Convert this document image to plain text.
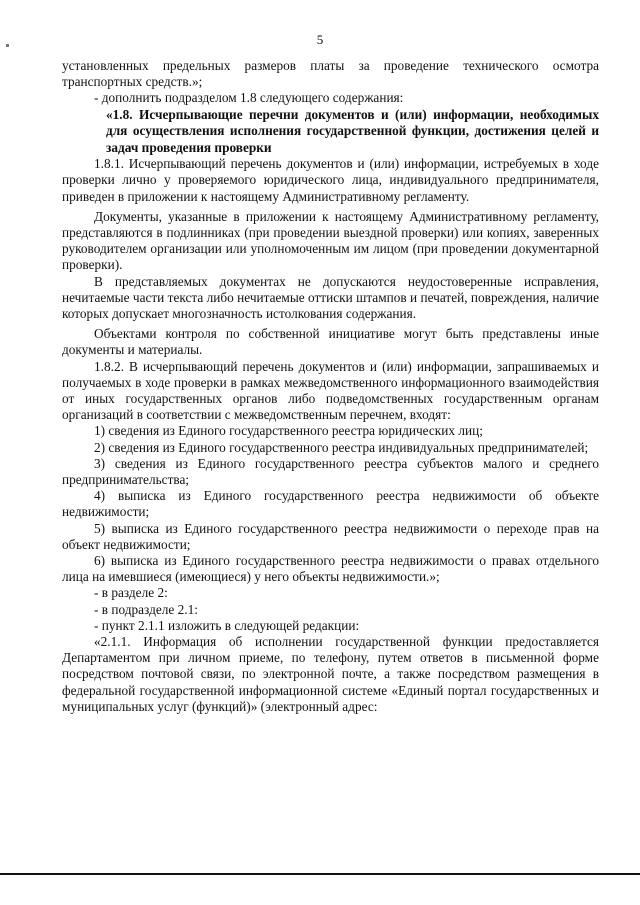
5

установленных предельных размеров платы за проведение технического осмотра транспортных средств.»;

- дополнить подразделом 1.8 следующего содержания:

«1.8. Исчерпывающие перечни документов и (или) информации, необходимых для осуществления исполнения государственной функции, достижения целей и задач проведения проверки

1.8.1. Исчерпывающий перечень документов и (или) информации, истребуемых в ходе проверки лично у проверяемого юридического лица, индивидуального предпринимателя, приведен в приложении к настоящему Административному регламенту.

Документы, указанные в приложении к настоящему Административному регламенту, представляются в подлинниках (при проведении выездной проверки) или копиях, заверенных руководителем организации или уполномоченным им лицом (при проведении документарной проверки).

В представляемых документах не допускаются неудостоверенные исправления, нечитаемые части текста либо нечитаемые оттиски штампов и печатей, повреждения, наличие которых допускает многозначность истолкования содержания.

Объектами контроля по собственной инициативе могут быть представлены иные документы и материалы.

1.8.2. В исчерпывающий перечень документов и (или) информации, запрашиваемых и получаемых в ходе проверки в рамках межведомственного информационного взаимодействия от иных государственных органов либо подведомственных государственным органам организаций в соответствии с межведомственным перечнем, входят:

1) сведения из Единого государственного реестра юридических лиц;

2) сведения из Единого государственного реестра индивидуальных предпринимателей;

3) сведения из Единого государственного реестра субъектов малого и среднего предпринимательства;

4) выписка из Единого государственного реестра недвижимости об объекте недвижимости;

5) выписка из Единого государственного реестра недвижимости о переходе прав на объект недвижимости;

6) выписка из Единого государственного реестра недвижимости о правах отдельного лица на имевшиеся (имеющиеся) у него объекты недвижимости.»;

- в разделе 2:

- в подразделе 2.1:

- пункт 2.1.1 изложить в следующей редакции:

«2.1.1. Информация об исполнении государственной функции предоставляется Департаментом при личном приеме, по телефону, путем ответов в письменной форме посредством почтовой связи, по электронной почте, а также посредством размещения в федеральной государственной информационной системе «Единый портал государственных и муниципальных услуг (функций)» (электронный адрес:
